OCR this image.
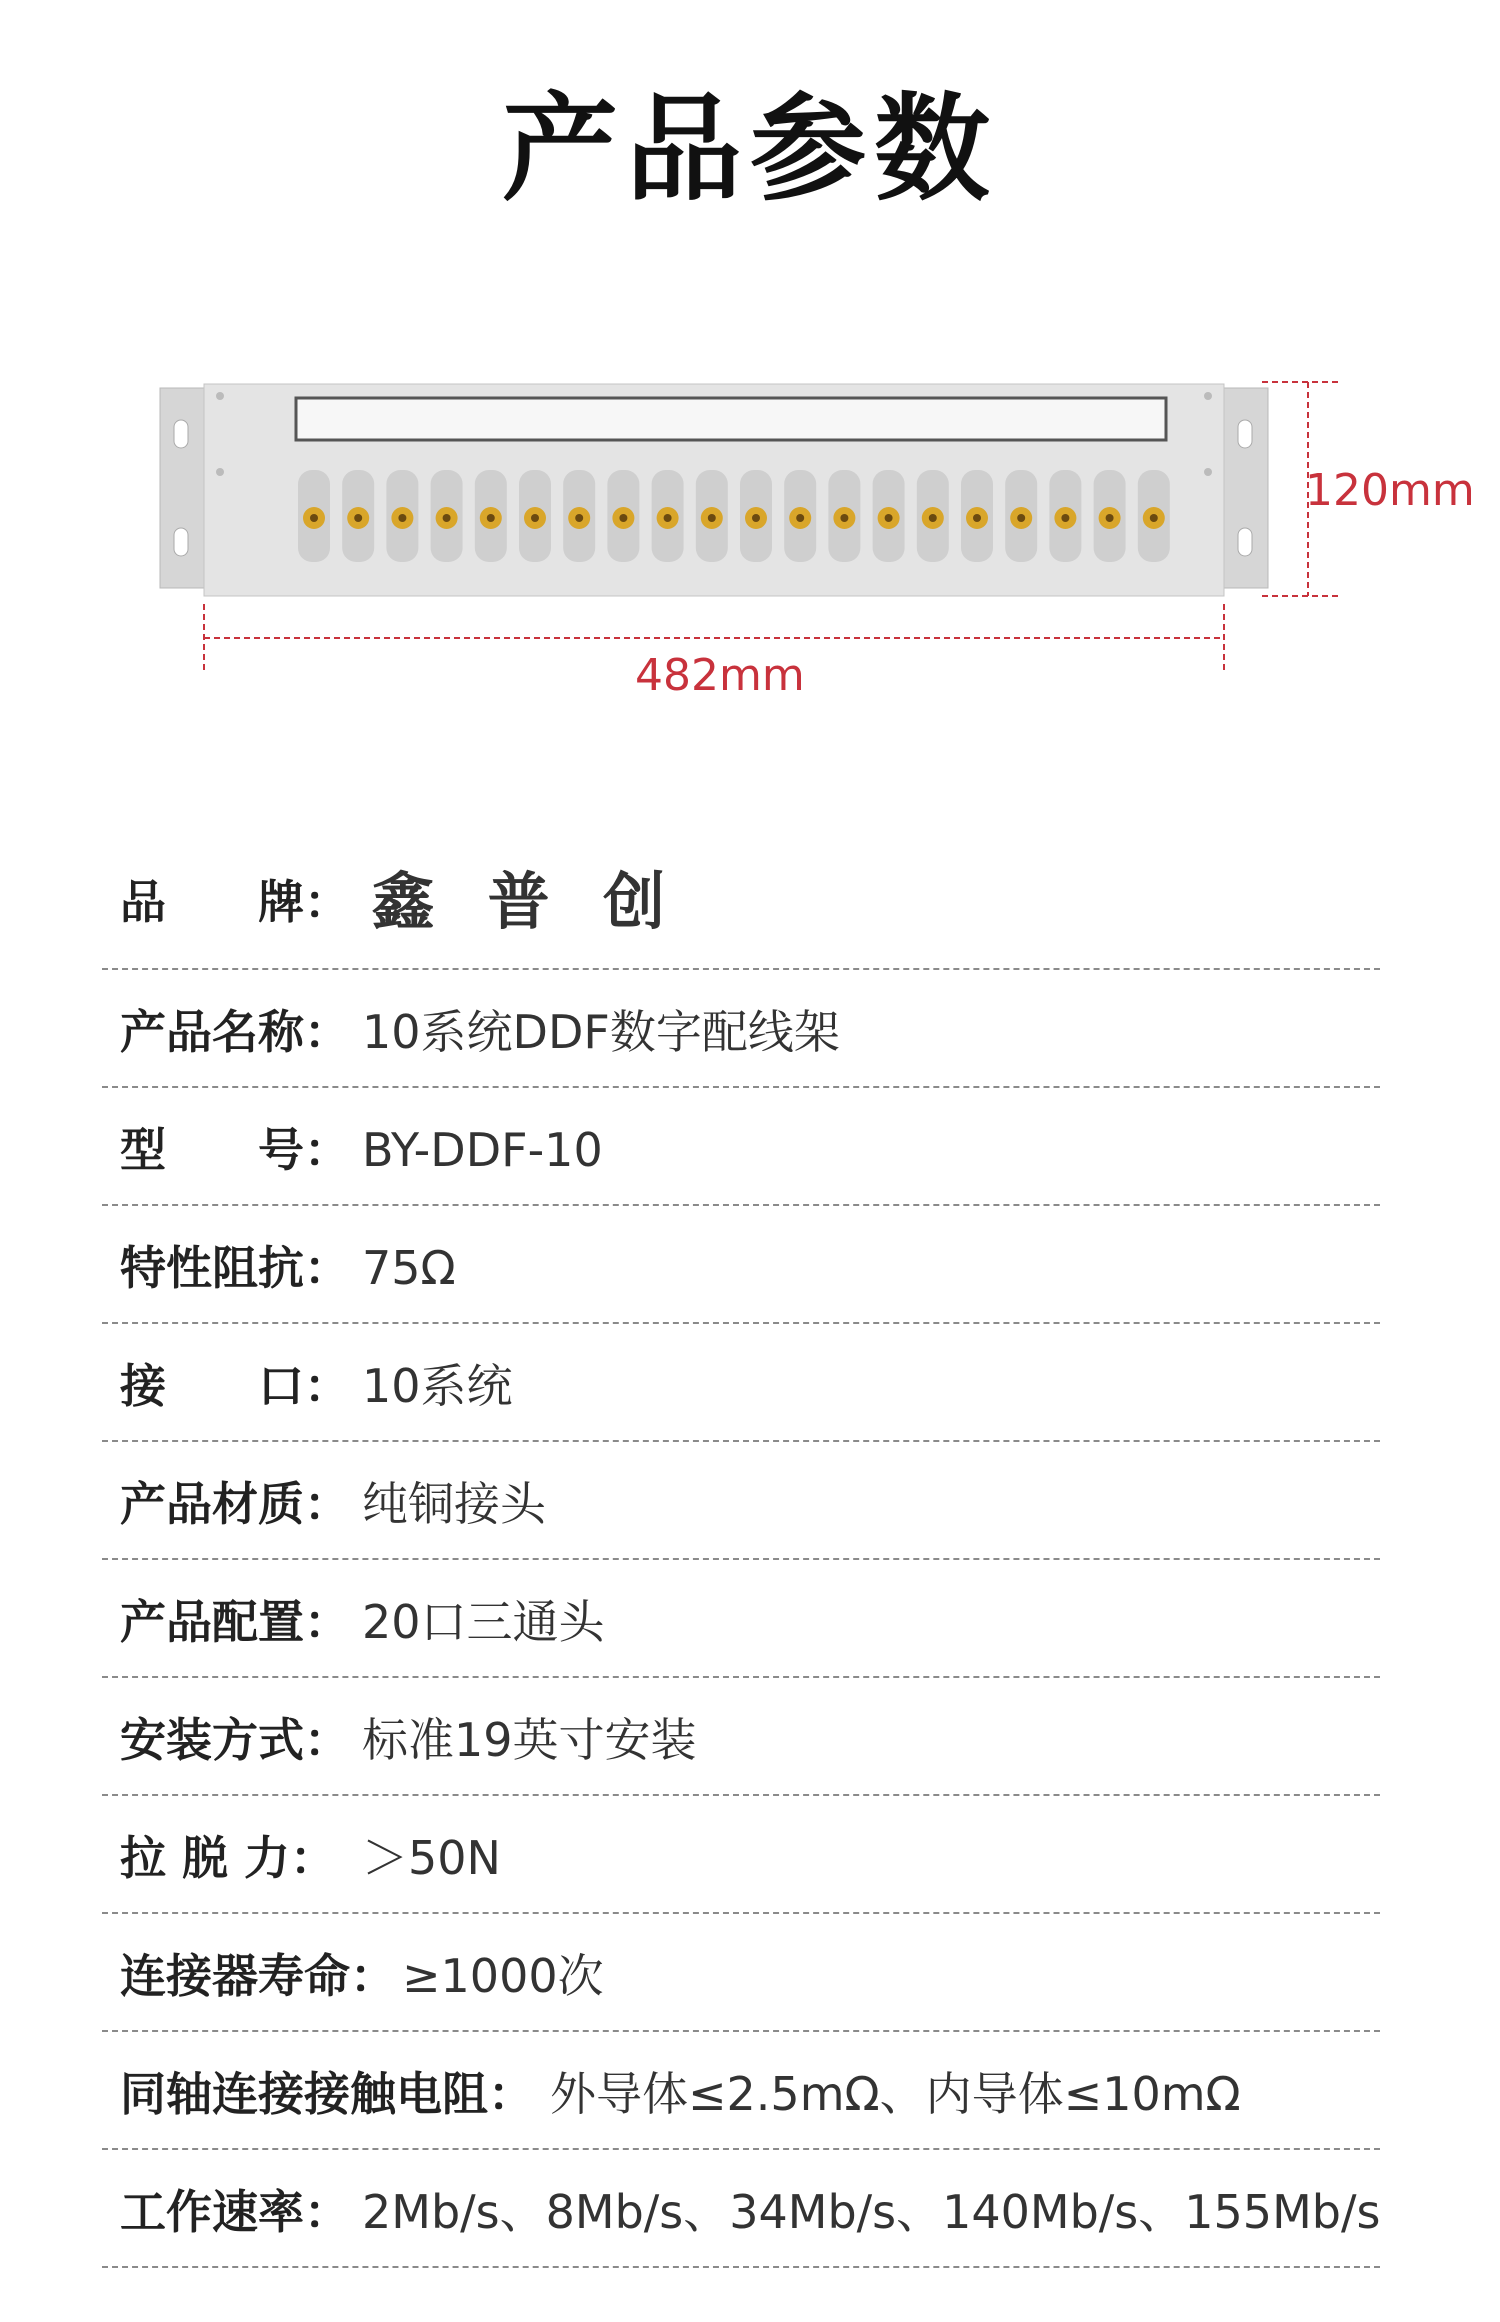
产品参数
120mm
482mm
品　　牌： 鑫 普 创
产品名称： 10系统DDF数字配线架
型　　号： BY-DDF-10
特性阻抗： 75Ω
接　　口： 10系统
产品材质： 纯铜接头
产品配置： 20口三通头
安装方式： 标准19英寸安装
拉 脱 力： ＞50N
连接器寿命： ≥1000次
同轴连接接触电阻： 外导体≤2.5mΩ、内导体≤10mΩ
工作速率： 2Mb/s、8Mb/s、34Mb/s、140Mb/s、155Mb/s
